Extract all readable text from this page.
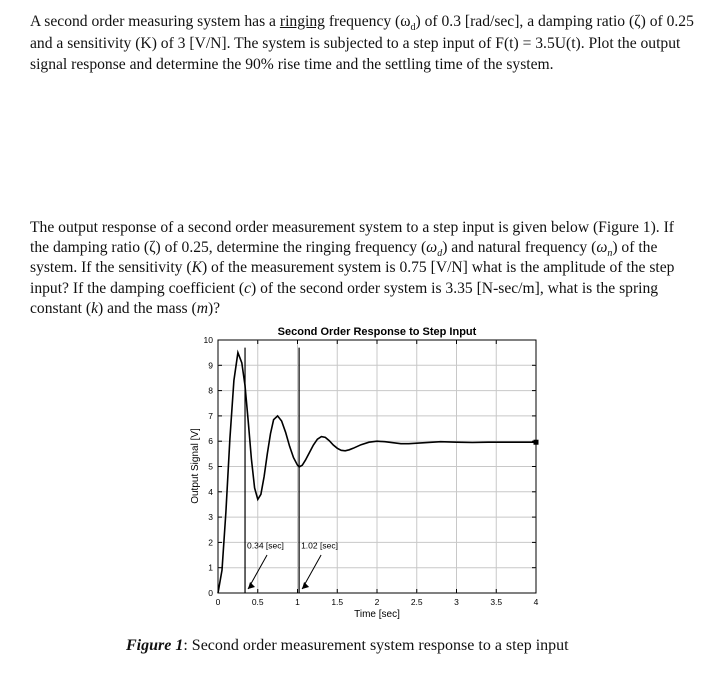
A second order measuring system has a ringing frequency $(\omega_d)$ of 0.3 [rad/sec], a damping ratio (ζ) of 0.25 and a sensitivity (K) of 3 [V/N]. The system is subjected to a step input of F(t) = 3.5U(t). Plot the output signal response and determine the 90% rise time and the settling time of the system.
The output response of a second order measurement system to a step input is given below (Figure 1). If the damping ratio (ζ) of 0.25, determine the ringing frequency $(\omega_d)$ and natural frequency $(\omega_n)$ of the system. If the sensitivity (K) of the measurement system is 0.75 [V/N] what is the amplitude of the step input? If the damping coefficient (c) of the second order system is 3.35 [N-sec/m], what is the spring constant (k) and the mass (m)?
Second Order Response to Step Input
0	0.5	1	1.5	2	2.5	3	3.5	4
0
1
2
3
4
5
6
7
8
9
10
0.34 [sec] 1.02 [sec]
Time [sec]
Output Signal [V]
Figure 1: Second order measurement system response to a step input
